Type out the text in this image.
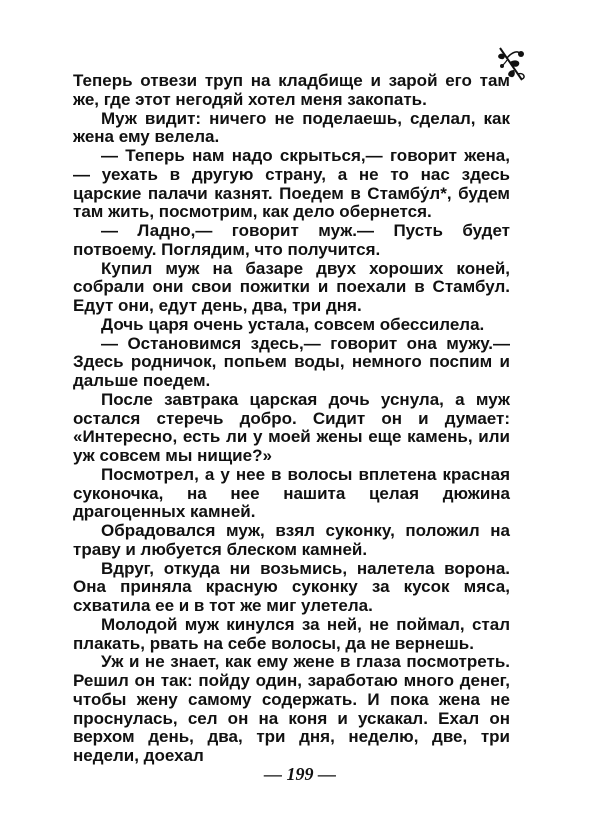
Теперь отвези труп на кладбище и зарой его там же, где этот негодяй хотел меня закопать.

Муж видит: ничего не поделаешь, сделал, как жена ему велела.

— Теперь нам надо скрыться,— говорит жена,— уехать в другую страну, а не то нас здесь царские палачи казнят. Поедем в Стамбу́л*, будем там жить, посмотрим, как дело обернется.

— Ладно,— говорит муж.— Пусть будет потвоему. Поглядим, что получится.

Купил муж на базаре двух хороших коней, собрали они свои пожитки и поехали в Стамбул. Едут они, едут день, два, три дня.

Дочь царя очень устала, совсем обессилела.

— Остановимся здесь,— говорит она мужу.— Здесь родничок, попьем воды, немного поспим и дальше поедем.

После завтрака царская дочь уснула, а муж остался стеречь добро. Сидит он и думает: «Интересно, есть ли у моей жены еще камень, или уж совсем мы нищие?»

Посмотрел, а у нее в волосы вплетена красная суконочка, на нее нашита целая дюжина драгоценных камней.

Обрадовался муж, взял суконку, положил на траву и любуется блеском камней.

Вдруг, откуда ни возьмись, налетела ворона. Она приняла красную суконку за кусок мяса, схватила ее и в тот же миг улетела.

Молодой муж кинулся за ней, не поймал, стал плакать, рвать на себе волосы, да не вернешь.

Уж и не знает, как ему жене в глаза посмотреть. Решил он так: пойду один, заработаю много денег, чтобы жену самому содержать. И пока жена не проснулась, сел он на коня и ускакал. Ехал он верхом день, два, три дня, неделю, две, три недели, доехал

— 199 —
